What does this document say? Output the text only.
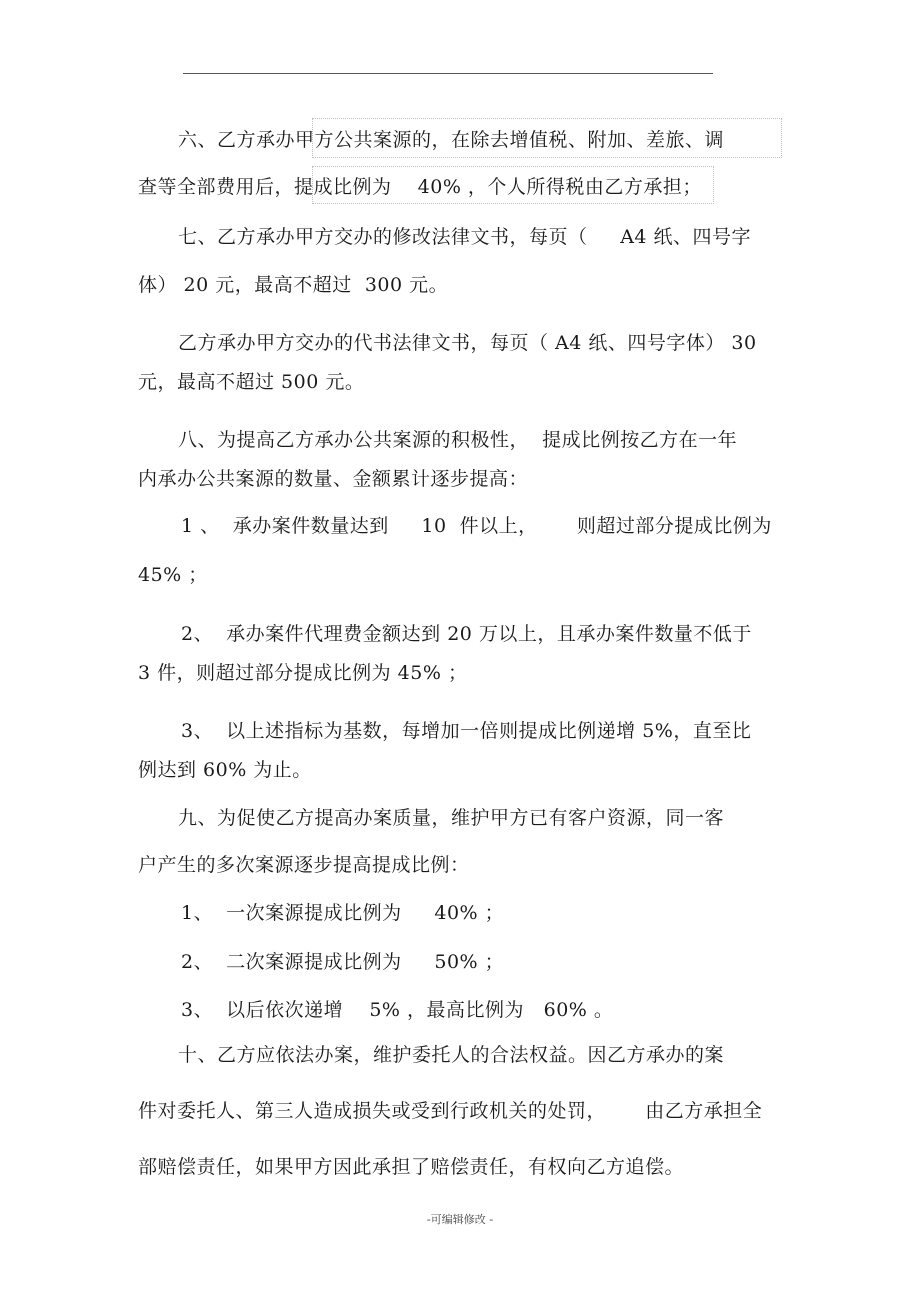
六、乙方承办甲方公共案源的，在除去增值税、附加、差旅、调
查等全部费用后，提成比例为    40% ，个人所得税由乙方承担；
七、乙方承办甲方交办的修改法律文书，每页（     A4 纸、四号字
体） 20 元，最高不超过  300 元。
乙方承办甲方交办的代书法律文书，每页（ A4 纸、四号字体） 30
元，最高不超过 500 元。
八、为提高乙方承办公共案源的积极性，  提成比例按乙方在一年
内承办公共案源的数量、金额累计逐步提高：
1 、  承办案件数量达到     10  件以上，      则超过部分提成比例为
45% ；
2、  承办案件代理费金额达到 20 万以上，且承办案件数量不低于
3 件，则超过部分提成比例为 45% ；
3、  以上述指标为基数，每增加一倍则提成比例递增 5%，直至比
例达到 60% 为止。
九、为促使乙方提高办案质量，维护甲方已有客户资源，同一客
户产生的多次案源逐步提高提成比例：
1、  一次案源提成比例为     40% ；
2、  二次案源提成比例为     50% ；
3、  以后依次递增    5% ，最高比例为   60% 。
十、乙方应依法办案，维护委托人的合法权益。因乙方承办的案
件对委托人、第三人造成损失或受到行政机关的处罚，      由乙方承担全
部赔偿责任，如果甲方因此承担了赔偿责任，有权向乙方追偿。
-可编辑修改 -
